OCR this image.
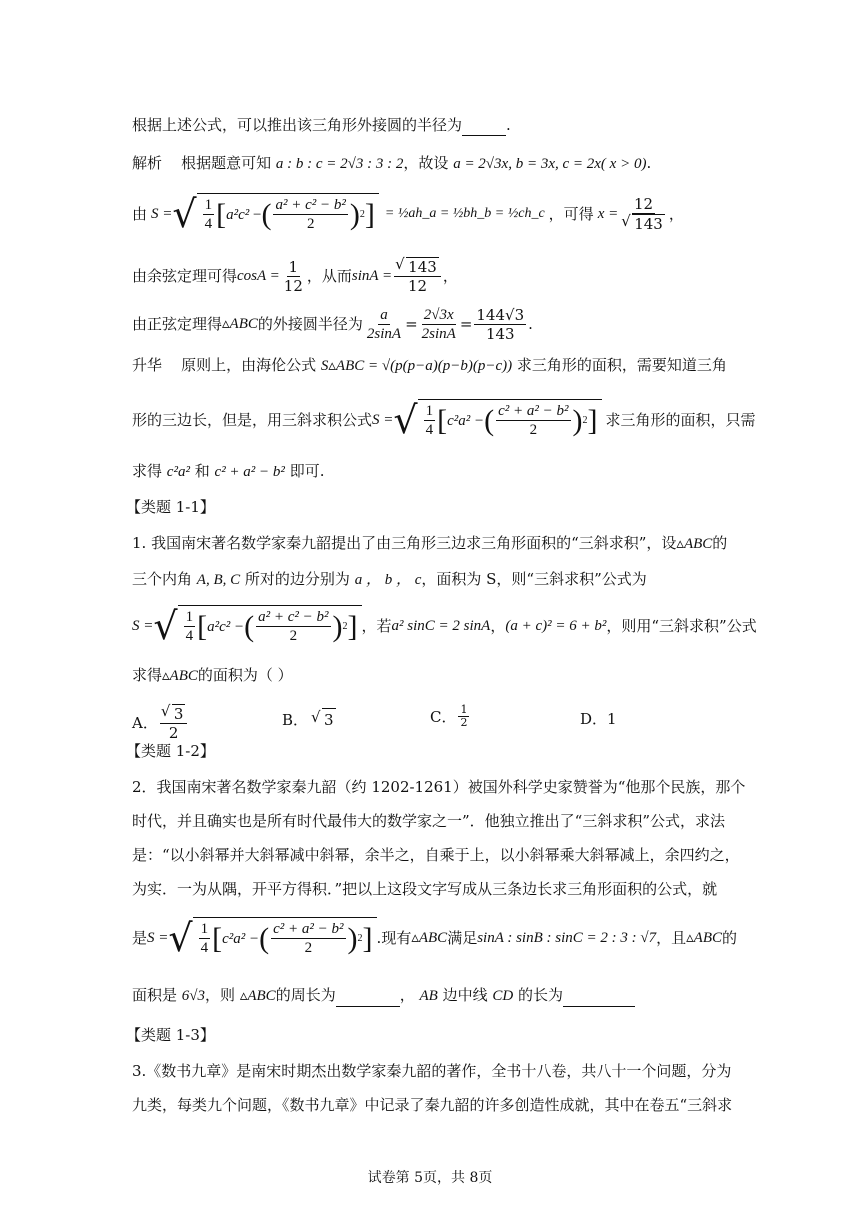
根据上述公式，可以推出该三角形外接圆的半径为	.
解析 根据题意可知 a : b : c = 2√3 : 3 : 2，故设 a = 2√3x, b = 3x, c = 2x( x > 0).
由 S = √ $\frac{1}{4}$ [ a²c²
− ( $\frac{\text{a² + c² − b²}}{2}$ ) 2 ] = ½ah_a = ½bh_b = ½ch_c ，可得 x = 12
√ 143 ，
由余弦定理可得 $\cos A = \frac{1}{12}$ ，从而 sinA = √ $\frac{143}{12}$ ，
由正弦定理得 ▵ABC 的外接圆半径为 $\frac{a}{2\sin A} = \frac{2√3x}{2\sin A} = \frac{144√3}{143}$ .
升华 原则上，由海伦公式 S▵ABC = √(p(p−a)(p−b)(p−c)) 求三角形的面积，需要知道三角
形的三边长，但是，用三斜求积公式 S = √ $\frac{1}{4}$ [ c²a² − ( $\frac{\text{c² + a² − b²}}{2}$ ) 2 ] 求三角形的面积，只需
求得 c²a² 和 c² + a² − b² 即可.
【类题 1-1】
1. 我国南宋著名数学家秦九韶提出了由三角形三边求三角形面积的“三斜求积”，设▵ABC的
三个内角 A, B, C 所对的边分别为 a ， b ， c，面积为 S，则“三斜求积”公式为
S = √ $\frac{1}{4}$ [ a²c² − ( $\frac{\text{a² + c² − b²}}{2}$ ) 2 ] ，若 a² sinC = 2 sinA ， (a + c)² = 6 + b² ，则用“三斜求积”公式
求得▵ABC的面积为（ ）
A． √ $\frac{3}{2}$	B． √ 3	C． $\frac{1}{2}$	D．1
【类题 1-2】
2．我国南宋著名数学家秦九韶（约 1202-1261）被国外科学史家赞誉为“他那个民族，那个
时代，并且确实也是所有时代最伟大的数学家之一”．他独立推出了“三斜求积”公式，求法
是：“以小斜幂并大斜幂减中斜幂，余半之，自乘于上，以小斜幂乘大斜幂减上，余四约之，
为实．一为从隅，开平方得积．”把以上这段文字写成从三条边长求三角形面积的公式，就
是 S = √ $\frac{1}{4}$ [ c²a² − ( $\frac{\text{c² + a² − b²}}{2}$ ) 2 ] .现有 ▵ABC 满足 sinA : sinB : sinC = 2 : 3 : √7 ，且 ▵ABC 的
面积是 6√3，则 ▵ABC的周长为	， AB 边中线 CD 的长为
【类题 1-3】
3.《数书九章》是南宋时期杰出数学家秦九韶的著作，全书十八卷，共八十一个问题，分为
九类，每类九个问题，《数书九章》中记录了秦九韶的许多创造性成就，其中在卷五“三斜求
试卷第 5页，共 8页
